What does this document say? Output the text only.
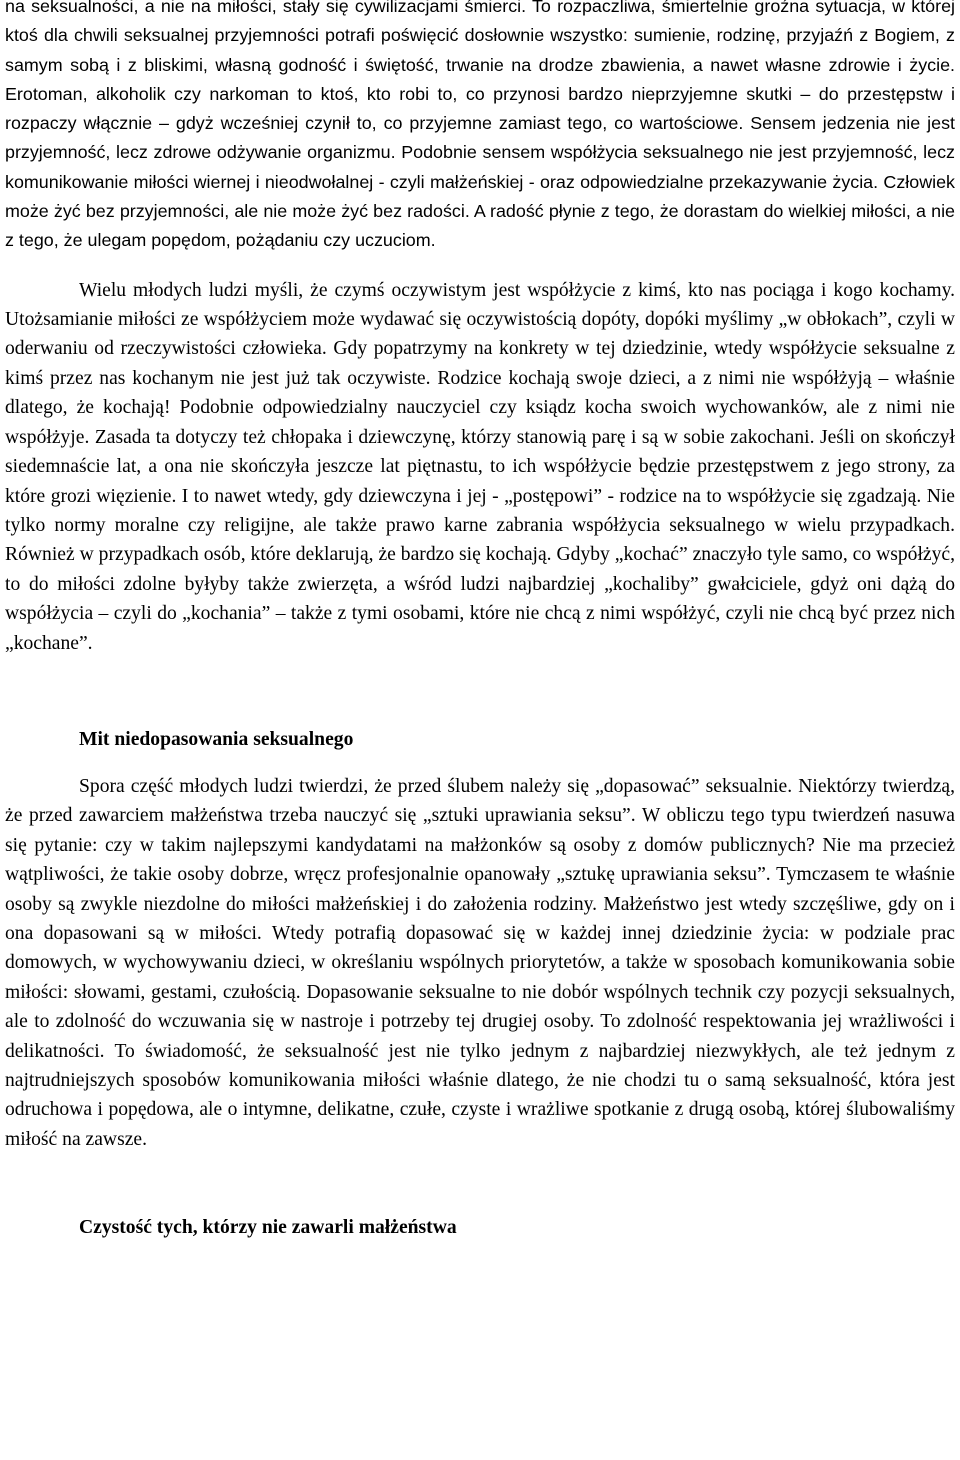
na seksualności, a nie na miłości, stały się cywilizacjami śmierci. To rozpaczliwa, śmiertelnie groźna sytuacja, w której ktoś dla chwili seksualnej przyjemności potrafi poświęcić dosłownie wszystko: sumienie, rodzinę, przyjaźń z Bogiem, z samym sobą i z bliskimi, własną godność i świętość, trwanie na drodze zbawienia, a nawet własne zdrowie i życie. Erotoman, alkoholik czy narkoman to ktoś, kto robi to, co przynosi bardzo nieprzyjemne skutki – do przestępstw i rozpaczy włącznie – gdyż wcześniej czynił to, co przyjemne zamiast tego, co wartościowe. Sensem jedzenia nie jest przyjemność, lecz zdrowe odżywanie organizmu. Podobnie sensem współżycia seksualnego nie jest przyjemność, lecz komunikowanie miłości wiernej i nieodwołalnej - czyli małżeńskiej - oraz odpowiedzialne przekazywanie życia. Człowiek może żyć bez przyjemności, ale nie może żyć bez radości. A radość płynie z tego, że dorastam do wielkiej miłości, a nie z tego, że ulegam popędom, pożądaniu czy uczuciom.

Wielu młodych ludzi myśli, że czymś oczywistym jest współżycie z kimś, kto nas pociąga i kogo kochamy. Utożsamianie miłości ze współżyciem może wydawać się oczywistością dopóty, dopóki myślimy „w obłokach”, czyli w oderwaniu od rzeczywistości człowieka. Gdy popatrzymy na konkrety w tej dziedzinie, wtedy współżycie seksualne z kimś przez nas kochanym nie jest już tak oczywiste. Rodzice kochają swoje dzieci, a z nimi nie współżyją – właśnie dlatego, że kochają! Podobnie odpowiedzialny nauczyciel czy ksiądz kocha swoich wychowanków, ale z nimi nie współżyje. Zasada ta dotyczy też chłopaka i dziewczynę, którzy stanowią parę i są w sobie zakochani. Jeśli on skończył siedemnaście lat, a ona nie skończyła jeszcze lat piętnastu, to ich współżycie będzie przestępstwem z jego strony, za które grozi więzienie. I to nawet wtedy, gdy dziewczyna i jej - „postępowi” - rodzice na to współżycie się zgadzają. Nie tylko normy moralne czy religijne, ale także prawo karne zabrania współżycia seksualnego w wielu przypadkach. Również w przypadkach osób, które deklarują, że bardzo się kochają. Gdyby „kochać” znaczyło tyle samo, co współżyć, to do miłości zdolne byłyby także zwierzęta, a wśród ludzi najbardziej „kochaliby” gwałciciele, gdyż oni dążą do współżycia – czyli do „kochania” – także z tymi osobami, które nie chcą z nimi współżyć, czyli nie chcą być przez nich „kochane”.

Mit niedopasowania seksualnego

Spora część młodych ludzi twierdzi, że przed ślubem należy się „dopasować” seksualnie. Niektórzy twierdzą, że przed zawarciem małżeństwa trzeba nauczyć się „sztuki uprawiania seksu”. W obliczu tego typu twierdzeń nasuwa się pytanie: czy w takim najlepszymi kandydatami na małżonków są osoby z domów publicznych? Nie ma przecież wątpliwości, że takie osoby dobrze, wręcz profesjonalnie opanowały „sztukę uprawiania seksu”. Tymczasem te właśnie osoby są zwykle niezdolne do miłości małżeńskiej i do założenia rodziny. Małżeństwo jest wtedy szczęśliwe, gdy on i ona dopasowani są w miłości. Wtedy potrafią dopasować się w każdej innej dziedzinie życia: w podziale prac domowych, w wychowywaniu dzieci, w określaniu wspólnych priorytetów, a także w sposobach komunikowania sobie miłości: słowami, gestami, czułością. Dopasowanie seksualne to nie dobór wspólnych technik czy pozycji seksualnych, ale to zdolność do wczuwania się w nastroje i potrzeby tej drugiej osoby. To zdolność respektowania jej wrażliwości i delikatności. To świadomość, że seksualność jest nie tylko jednym z najbardziej niezwykłych, ale też jednym z najtrudniejszych sposobów komunikowania miłości właśnie dlatego, że nie chodzi tu o samą seksualność, która jest odruchowa i popędowa, ale o intymne, delikatne, czułe, czyste i wrażliwe spotkanie z drugą osobą, której ślubowaliśmy miłość na zawsze.

Czystość tych, którzy nie zawarli małżeństwa
